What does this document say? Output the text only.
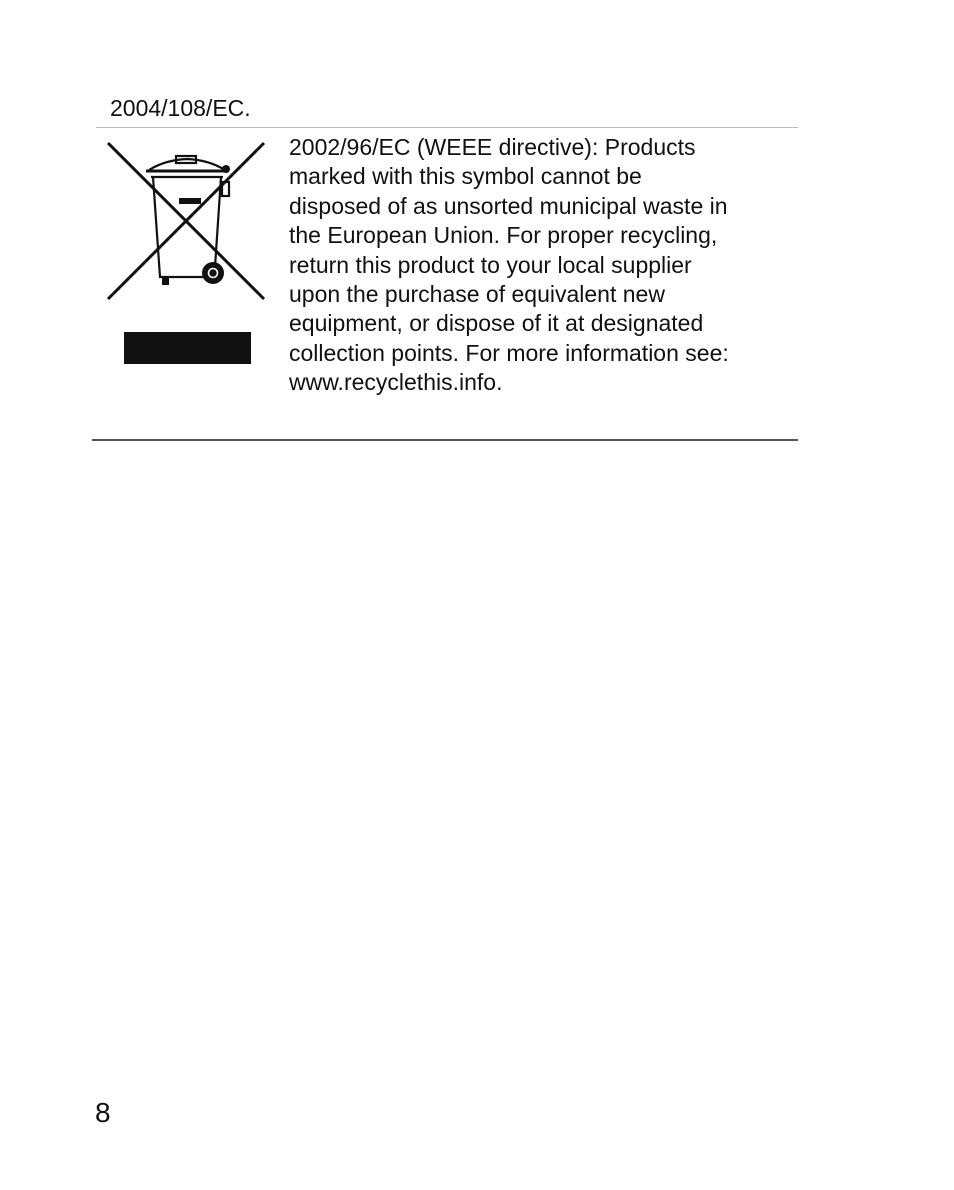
2004/108/EC.

2002/96/EC (WEEE directive): Products
marked with this symbol cannot be
disposed of as unsorted municipal waste in
the European Union. For proper recycling,
return this product to your local supplier
upon the purchase of equivalent new
equipment, or dispose of it at designated
collection points. For more information see:
www.recyclethis.info.

8
